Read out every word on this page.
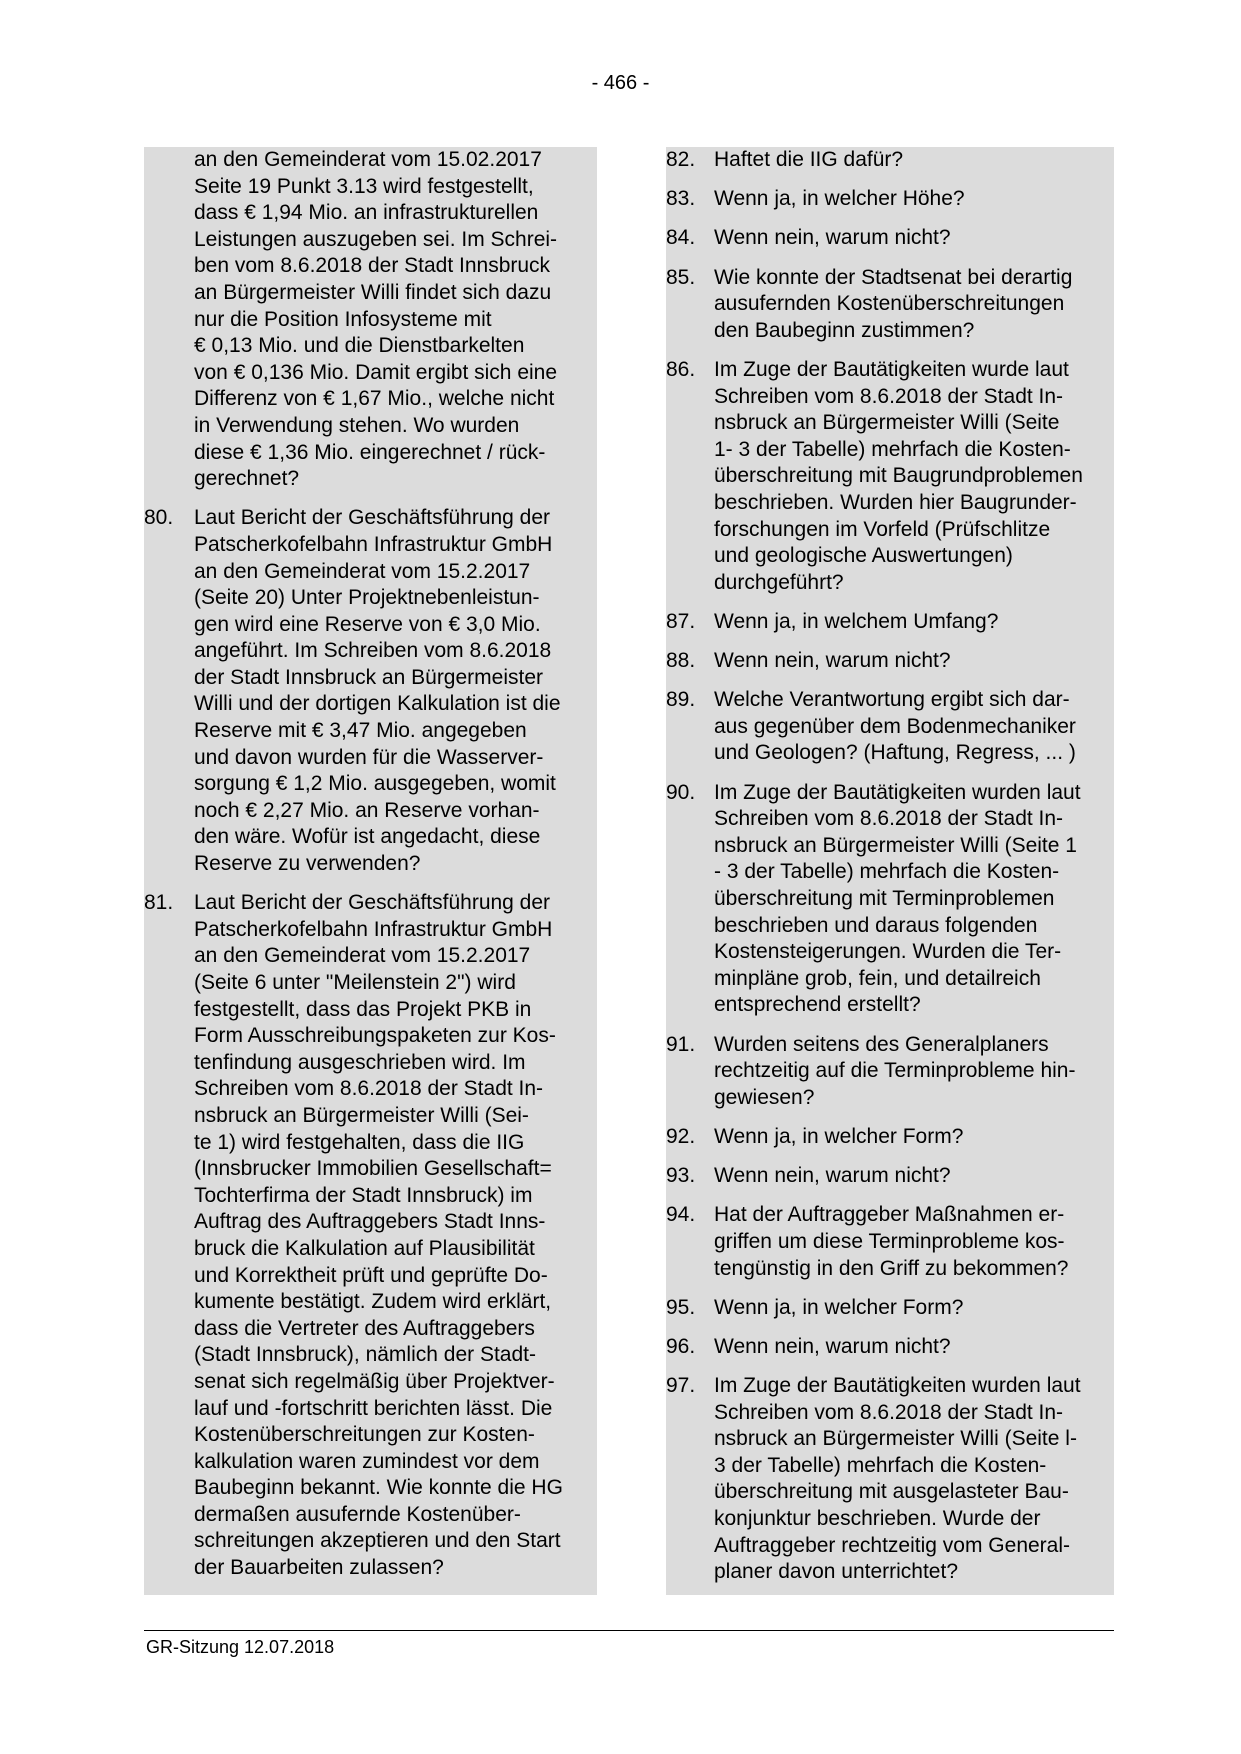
- 466 -
an den Gemeinderat vom 15.02.2017
Seite 19 Punkt 3.13 wird festgestellt,
dass € 1,94 Mio. an infrastrukturellen
Leistungen auszugeben sei. Im Schrei-
ben vom 8.6.2018 der Stadt Innsbruck
an Bürgermeister Willi findet sich dazu
nur die Position Infosysteme mit
€ 0,13 Mio. und die Dienstbarkelten
von € 0,136 Mio. Damit ergibt sich eine
Differenz von € 1,67 Mio., welche nicht
in Verwendung stehen. Wo wurden
diese € 1,36 Mio. eingerechnet / rück-
gerechnet?
80. Laut Bericht der Geschäftsführung der
Patscherkofelbahn Infrastruktur GmbH
an den Gemeinderat vom 15.2.2017
(Seite 20) Unter Projektnebenleistun-
gen wird eine Reserve von € 3,0 Mio.
angeführt. Im Schreiben vom 8.6.2018
der Stadt Innsbruck an Bürgermeister
Willi und der dortigen Kalkulation ist die
Reserve mit € 3,47 Mio. angegeben
und davon wurden für die Wasserver-
sorgung € 1,2 Mio. ausgegeben, womit
noch € 2,27 Mio. an Reserve vorhan-
den wäre. Wofür ist angedacht, diese
Reserve zu verwenden?
81. Laut Bericht der Geschäftsführung der
Patscherkofelbahn Infrastruktur GmbH
an den Gemeinderat vom 15.2.2017
(Seite 6 unter "Meilenstein 2") wird
festgestellt, dass das Projekt PKB in
Form Ausschreibungspaketen zur Kos-
tenfindung ausgeschrieben wird. Im
Schreiben vom 8.6.2018 der Stadt In-
nsbruck an Bürgermeister Willi (Sei-
te 1) wird festgehalten, dass die IIG
(Innsbrucker Immobilien Gesellschaft=
Tochterfirma der Stadt Innsbruck) im
Auftrag des Auftraggebers Stadt Inns-
bruck die Kalkulation auf Plausibilität
und Korrektheit prüft und geprüfte Do-
kumente bestätigt. Zudem wird erklärt,
dass die Vertreter des Auftraggebers
(Stadt Innsbruck), nämlich der Stadt-
senat sich regelmäßig über Projektver-
lauf und -fortschritt berichten lässt. Die
Kostenüberschreitungen zur Kosten-
kalkulation waren zumindest vor dem
Baubeginn bekannt. Wie konnte die HG
dermaßen ausufernde Kostenüber-
schreitungen akzeptieren und den Start
der Bauarbeiten zulassen?
82. Haftet die IIG dafür?
83. Wenn ja, in welcher Höhe?
84. Wenn nein, warum nicht?
85. Wie konnte der Stadtsenat bei derartig
ausufernden Kostenüberschreitungen
den Baubeginn zustimmen?
86. Im Zuge der Bautätigkeiten wurde laut
Schreiben vom 8.6.2018 der Stadt In-
nsbruck an Bürgermeister Willi (Seite
1- 3 der Tabelle) mehrfach die Kosten-
überschreitung mit Baugrundproblemen
beschrieben. Wurden hier Baugrunder-
forschungen im Vorfeld (Prüfschlitze
und geologische Auswertungen)
durchgeführt?
87. Wenn ja, in welchem Umfang?
88. Wenn nein, warum nicht?
89. Welche Verantwortung ergibt sich dar-
aus gegenüber dem Bodenmechaniker
und Geologen? (Haftung, Regress, ... )
90. Im Zuge der Bautätigkeiten wurden laut
Schreiben vom 8.6.2018 der Stadt In-
nsbruck an Bürgermeister Willi (Seite 1
- 3 der Tabelle) mehrfach die Kosten-
überschreitung mit Terminproblemen
beschrieben und daraus folgenden
Kostensteigerungen. Wurden die Ter-
minpläne grob, fein, und detailreich
entsprechend erstellt?
91. Wurden seitens des Generalplaners
rechtzeitig auf die Terminprobleme hin-
gewiesen?
92. Wenn ja, in welcher Form?
93. Wenn nein, warum nicht?
94. Hat der Auftraggeber Maßnahmen er-
griffen um diese Terminprobleme kos-
tengünstig in den Griff zu bekommen?
95. Wenn ja, in welcher Form?
96. Wenn nein, warum nicht?
97. Im Zuge der Bautätigkeiten wurden laut
Schreiben vom 8.6.2018 der Stadt In-
nsbruck an Bürgermeister Willi (Seite l-
3 der Tabelle) mehrfach die Kosten-
überschreitung mit ausgelasteter Bau-
konjunktur beschrieben. Wurde der
Auftraggeber rechtzeitig vom General-
planer davon unterrichtet?
GR-Sitzung 12.07.2018
